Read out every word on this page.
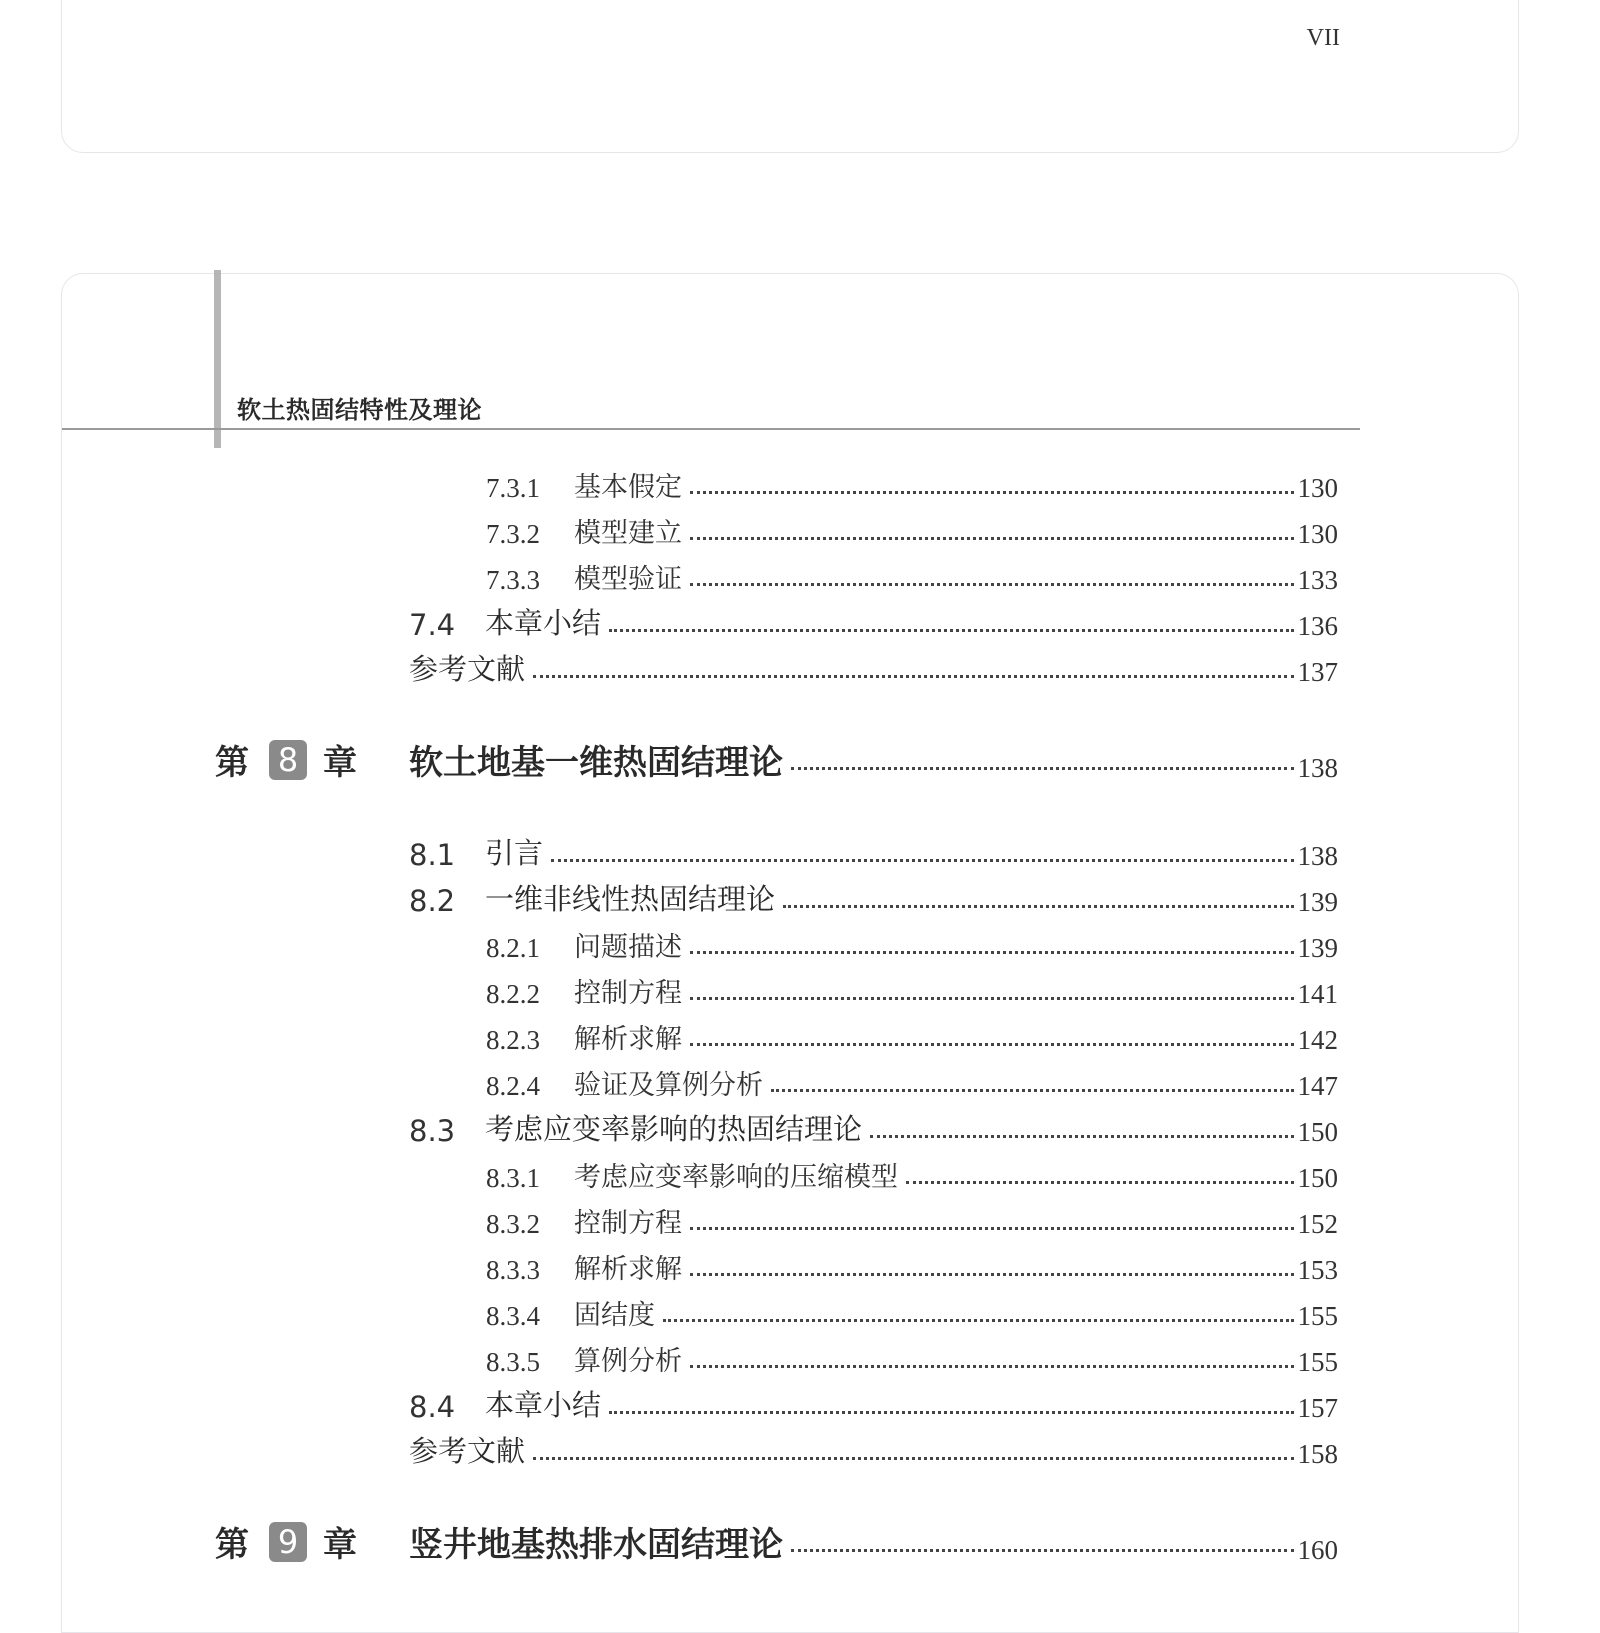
VII
软土热固结特性及理论
7.3.1	基本假定	130
7.3.2	模型建立	130
7.3.3	模型验证	133
7.4	本章小结	136
参考文献	137
第 8 章 软土地基一维热固结理论	138
8.1	引言	138
8.2	一维非线性热固结理论	139
8.2.1	问题描述	139
8.2.2	控制方程	141
8.2.3	解析求解	142
8.2.4	验证及算例分析	147
8.3	考虑应变率影响的热固结理论	150
8.3.1	考虑应变率影响的压缩模型	150
8.3.2	控制方程	152
8.3.3	解析求解	153
8.3.4	固结度	155
8.3.5	算例分析	155
8.4	本章小结	157
参考文献	158
第 9 章 竖井地基热排水固结理论	160
